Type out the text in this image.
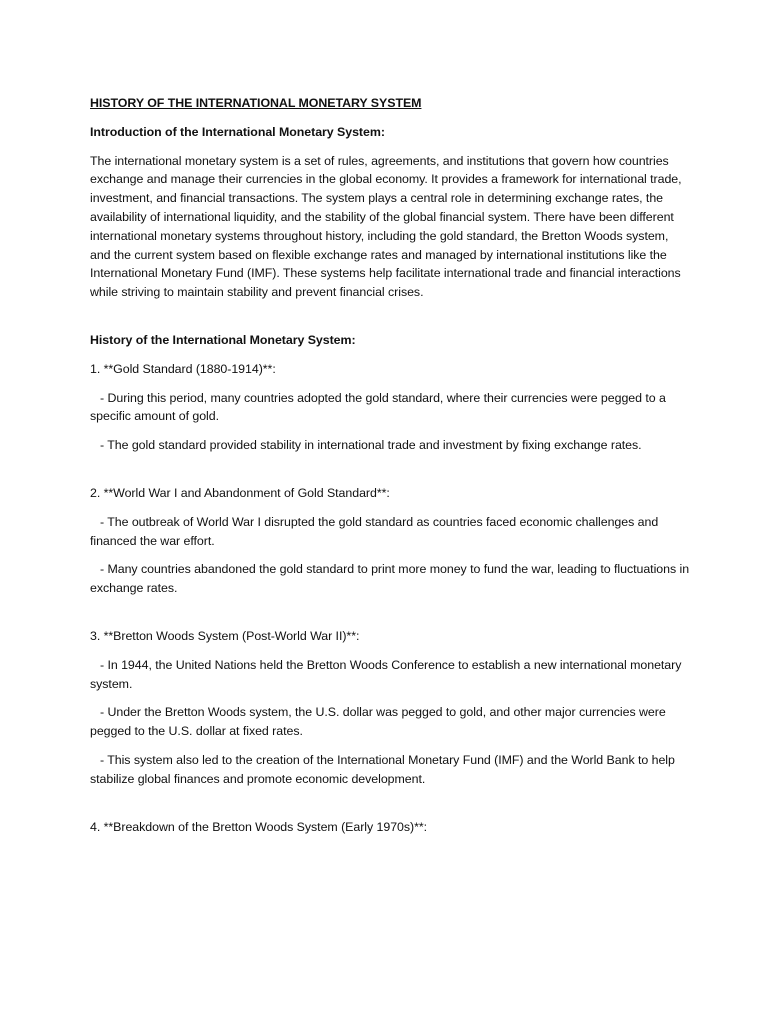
HISTORY OF THE INTERNATIONAL MONETARY SYSTEM
Introduction of the International Monetary System:

The international monetary system is a set of rules, agreements, and institutions that govern how countries exchange and manage their currencies in the global economy. It provides a framework for international trade, investment, and financial transactions. The system plays a central role in determining exchange rates, the availability of international liquidity, and the stability of the global financial system. There have been different international monetary systems throughout history, including the gold standard, the Bretton Woods system, and the current system based on flexible exchange rates and managed by international institutions like the International Monetary Fund (IMF). These systems help facilitate international trade and financial interactions while striving to maintain stability and prevent financial crises.

History of the International Monetary System:
1. **Gold Standard (1880-1914)**:

- During this period, many countries adopted the gold standard, where their currencies were pegged to a specific amount of gold.

- The gold standard provided stability in international trade and investment by fixing exchange rates.

2. **World War I and Abandonment of Gold Standard**:

- The outbreak of World War I disrupted the gold standard as countries faced economic challenges and financed the war effort.

- Many countries abandoned the gold standard to print more money to fund the war, leading to fluctuations in exchange rates.

3. **Bretton Woods System (Post-World War II)**:

- In 1944, the United Nations held the Bretton Woods Conference to establish a new international monetary system.

- Under the Bretton Woods system, the U.S. dollar was pegged to gold, and other major currencies were pegged to the U.S. dollar at fixed rates.

- This system also led to the creation of the International Monetary Fund (IMF) and the World Bank to help stabilize global finances and promote economic development.

4. **Breakdown of the Bretton Woods System (Early 1970s)**:
